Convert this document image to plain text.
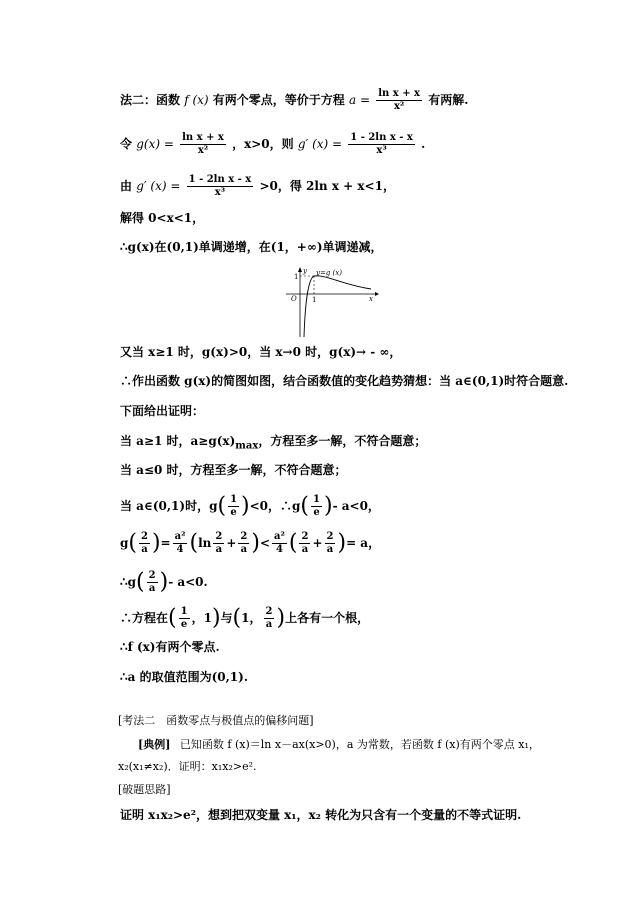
法二：函数 f (x) 有两个零点，等价于方程 $a = \frac{\text{ln x + x}}{\text{x²}}$ 有两解.
令 $g(x) = \frac{\text{ln x + x}}{\text{x²}}$ ，x>0，则 g′ $(x) = \frac{\text{1 - 2ln x - x}}{\text{x³}}$ .
由 g′ $(x) = \frac{\text{1 - 2ln x - x}}{\text{x³}} >0$，得 2ln x + x<1，
解得 0<x<1，
∴g(x)在(0,1)单调递增，在(1，+∞)单调递减，
y
x
O 1
1	y=g (x)
又当 x≥1 时，g(x)>0，当 x→0 时，g(x)→ - ∞，
∴作出函数 g(x)的简图如图，结合函数值的变化趋势猜想：当 a∈(0,1)时符合题意.
下面给出证明：
当 a≥1 时，$a\ge g(x)_{max}$，方程至多一解，不符合题意；
当 a≤0 时，方程至多一解，不符合题意；
当 a∈(0,1)时，$g( \frac{1}{e} )<0$，∴g( $\frac{1}{e}$ )- a<0，
$g( \frac{2}{a}$ )= $\frac{\text{a²}}{4} (\ln \frac{2}{a} + \frac{2}{a}$ )< $\frac{\text{a²}}{4}$ ( $\frac{2}{a} + \frac{2}{a}$ )= a，
∴g( $\frac{2}{a}$ )- a<0.
∴方程在( $\frac{1}{e}$ ，1)与(1， $\frac{2}{a}$ )上各有一个根，
∴f (x)有两个零点.
∴a 的取值范围为(0,1).
[考法二　函数零点与极值点的偏移问题]
[典例] 已知函数 f (x)＝ln x－ax(x>0)，a 为常数，若函数 f (x)有两个零点 x₁，
x₂(x₁≠x₂)．证明：x₁x₂>e².
[破题思路]
证明 x₁x₂>e²，想到把双变量 x₁，x₂ 转化为只含有一个变量的不等式证明.
